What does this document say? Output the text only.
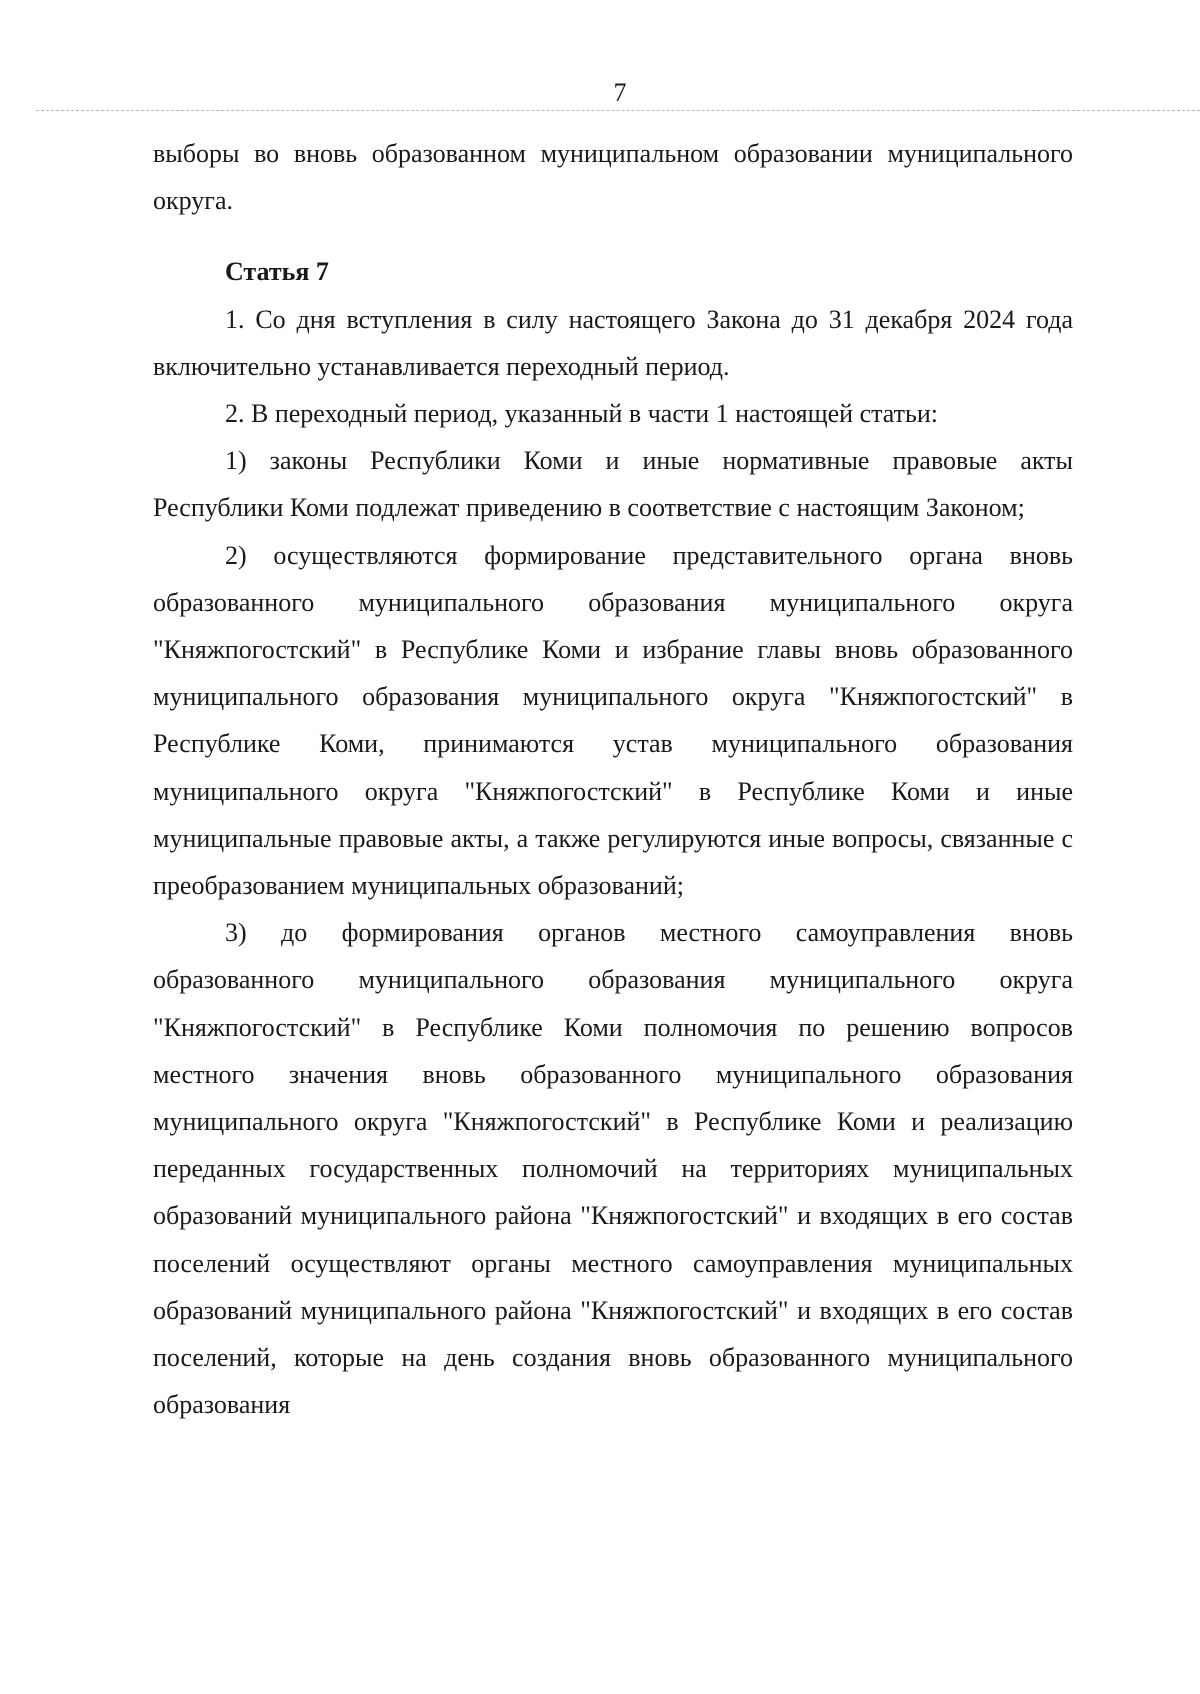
7

выборы во вновь образованном муниципальном образовании муниципального округа.

Статья 7

1. Со дня вступления в силу настоящего Закона до 31 декабря 2024 года включительно устанавливается переходный период.

2. В переходный период, указанный в части 1 настоящей статьи:

1) законы Республики Коми и иные нормативные правовые акты Республики Коми подлежат приведению в соответствие с настоящим Законом;

2) осуществляются формирование представительного органа вновь образованного муниципального образования муниципального округа "Княжпогостский" в Республике Коми и избрание главы вновь образованного муниципального образования муниципального округа "Княжпогостский" в Республике Коми, принимаются устав муниципального образования муниципального округа "Княжпогостский" в Республике Коми и иные муниципальные правовые акты, а также регулируются иные вопросы, связанные с преобразованием муниципальных образований;

3) до формирования органов местного самоуправления вновь образованного муниципального образования муниципального округа "Княжпогостский" в Республике Коми полномочия по решению вопросов местного значения вновь образованного муниципального образования муниципального округа "Княжпогостский" в Республике Коми и реализацию переданных государственных полномочий на территориях муниципальных образований муниципального района "Княжпогостский" и входящих в его состав поселений осуществляют органы местного самоуправления муниципальных образований муниципального района "Княжпогостский" и входящих в его состав поселений, которые на день создания вновь образованного муниципального образования
